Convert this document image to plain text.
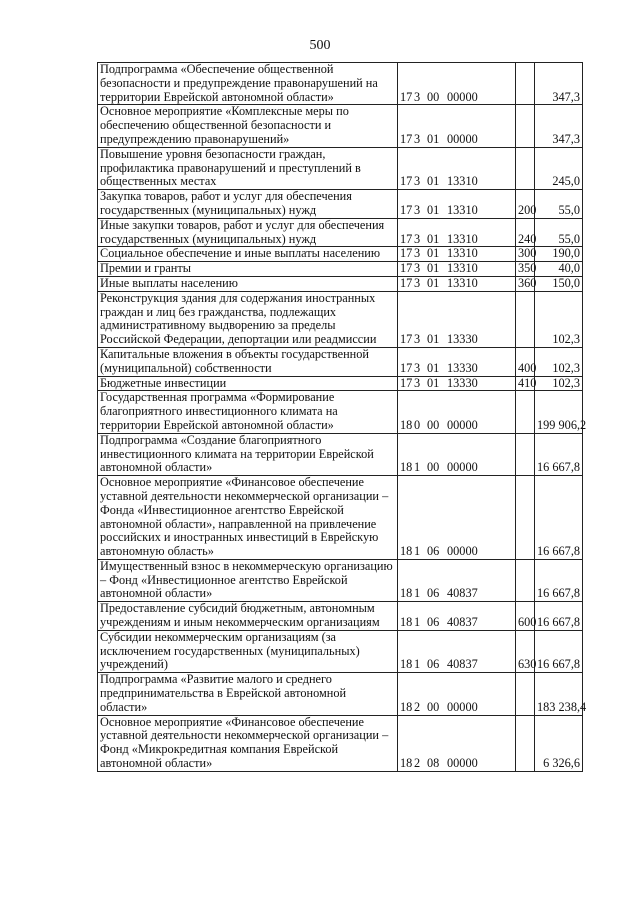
500
Подпрограмма «Обеспечение общественной безопасности и предупреждение правонарушений на территории Еврейской автономной области»	17 3 00 00000		347,3
Основное мероприятие «Комплексные меры по обеспечению общественной безопасности и предупреждению правонарушений»	17 3 01 00000		347,3
Повышение уровня безопасности граждан, профилактика правонарушений и преступлений в общественных местах	17 3 01 13310		245,0
Закупка товаров, работ и услуг для обеспечения государственных (муниципальных) нужд	17 3 01 13310	200	55,0
Иные закупки товаров, работ и услуг для обеспечения государственных (муниципальных) нужд	17 3 01 13310	240	55,0
Социальное обеспечение и иные выплаты населению	17 3 01 13310	300	190,0
Премии и гранты	17 3 01 13310	350	40,0
Иные выплаты населению	17 3 01 13310	360	150,0
Реконструкция здания для содержания иностранных граждан и лиц без гражданства, подлежащих административному выдворению за пределы Российской Федерации, депортации или реадмиссии	17 3 01 13330		102,3
Капитальные вложения в объекты государственной (муниципальной) собственности	17 3 01 13330	400	102,3
Бюджетные инвестиции	17 3 01 13330	410	102,3
Государственная программа «Формирование благоприятного инвестиционного климата на территории Еврейской автономной области»	18 0 00 00000		199 906,2
Подпрограмма «Создание благоприятного инвестиционного климата на территории Еврейской автономной области»	18 1 00 00000		16 667,8
Основное мероприятие «Финансовое обеспечение уставной деятельности некоммерческой организации – Фонда «Инвестиционное агентство Еврейской автономной области», направленной на привлечение российских и иностранных инвестиций в Еврейскую автономную область»	18 1 06 00000		16 667,8
Имущественный взнос в некоммерческую организацию – Фонд «Инвестиционное агентство Еврейской автономной области»	18 1 06 40837		16 667,8
Предоставление субсидий бюджетным, автономным учреждениям и иным некоммерческим организациям	18 1 06 40837	600	16 667,8
Субсидии некоммерческим организациям (за исключением государственных (муниципальных) учреждений)	18 1 06 40837	630	16 667,8
Подпрограмма «Развитие малого и среднего предпринимательства в Еврейской автономной области»	18 2 00 00000		183 238,4
Основное мероприятие «Финансовое обеспечение уставной деятельности некоммерческой организации – Фонд «Микрокредитная компания Еврейской автономной области»	18 2 08 00000		6 326,6
